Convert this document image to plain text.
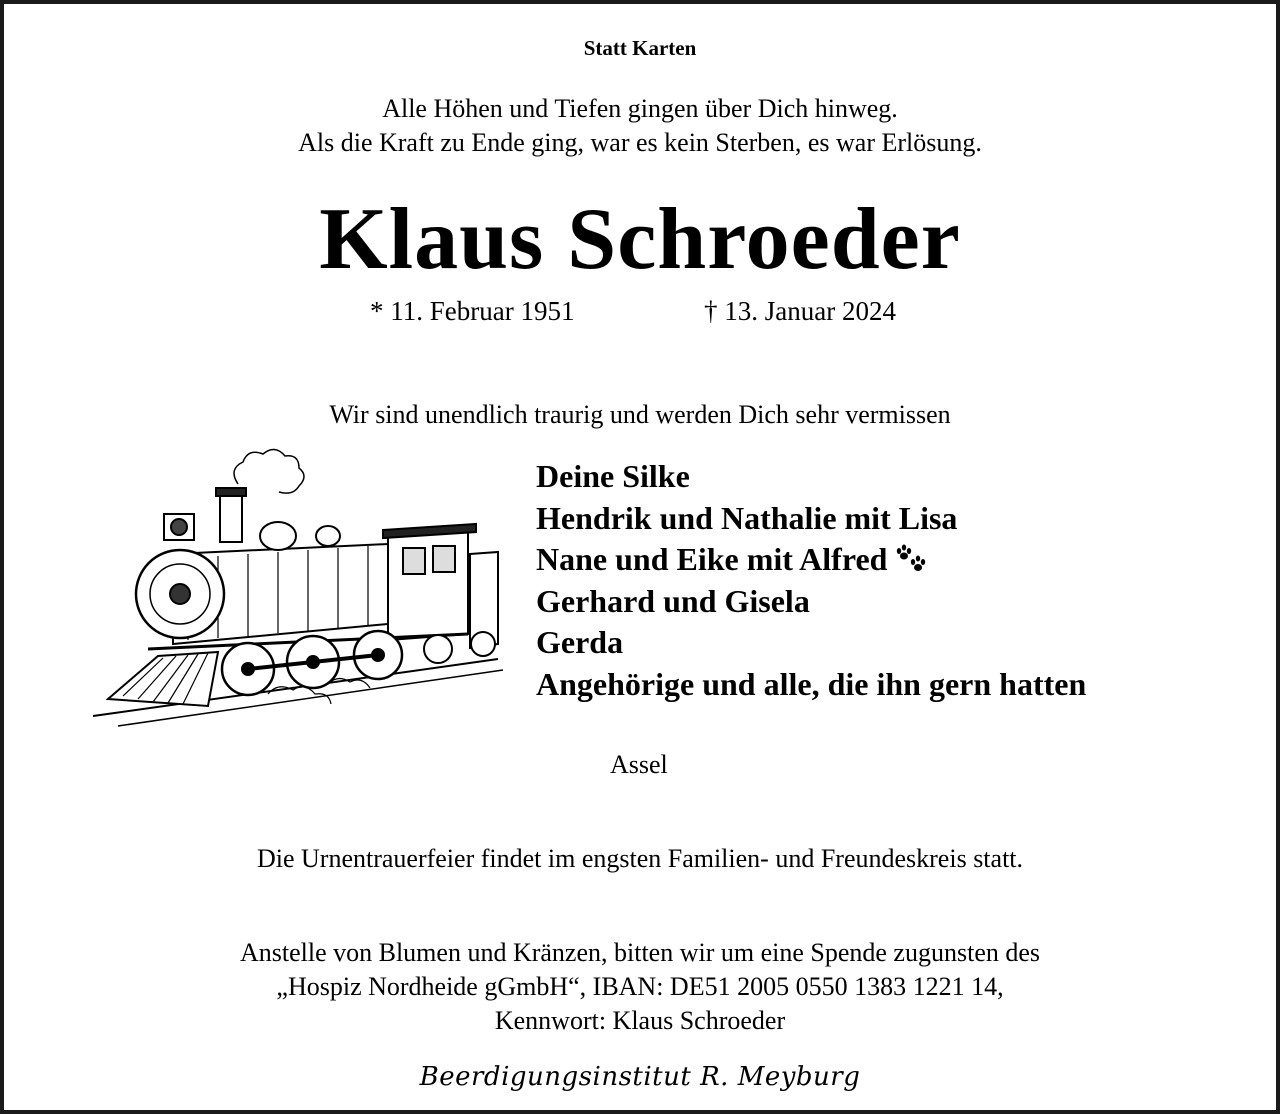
Statt Karten
Alle Höhen und Tiefen gingen über Dich hinweg.
Als die Kraft zu Ende ging, war es kein Sterben, es war Erlösung.
Klaus Schroeder
* 11. Februar 1951	† 13. Januar 2024
Wir sind unendlich traurig und werden Dich sehr vermissen
Deine Silke
Hendrik und Nathalie mit Lisa
Nane und Eike mit Alfred
Gerhard und Gisela
Gerda
Angehörige und alle, die ihn gern hatten
Assel
Die Urnentrauerfeier findet im engsten Familien- und Freundeskreis statt.
Anstelle von Blumen und Kränzen, bitten wir um eine Spende zugunsten des
„Hospiz Nordheide gGmbH“, IBAN: DE51 2005 0550 1383 1221 14,
Kennwort: Klaus Schroeder
Beerdigungsinstitut R. Meyburg
